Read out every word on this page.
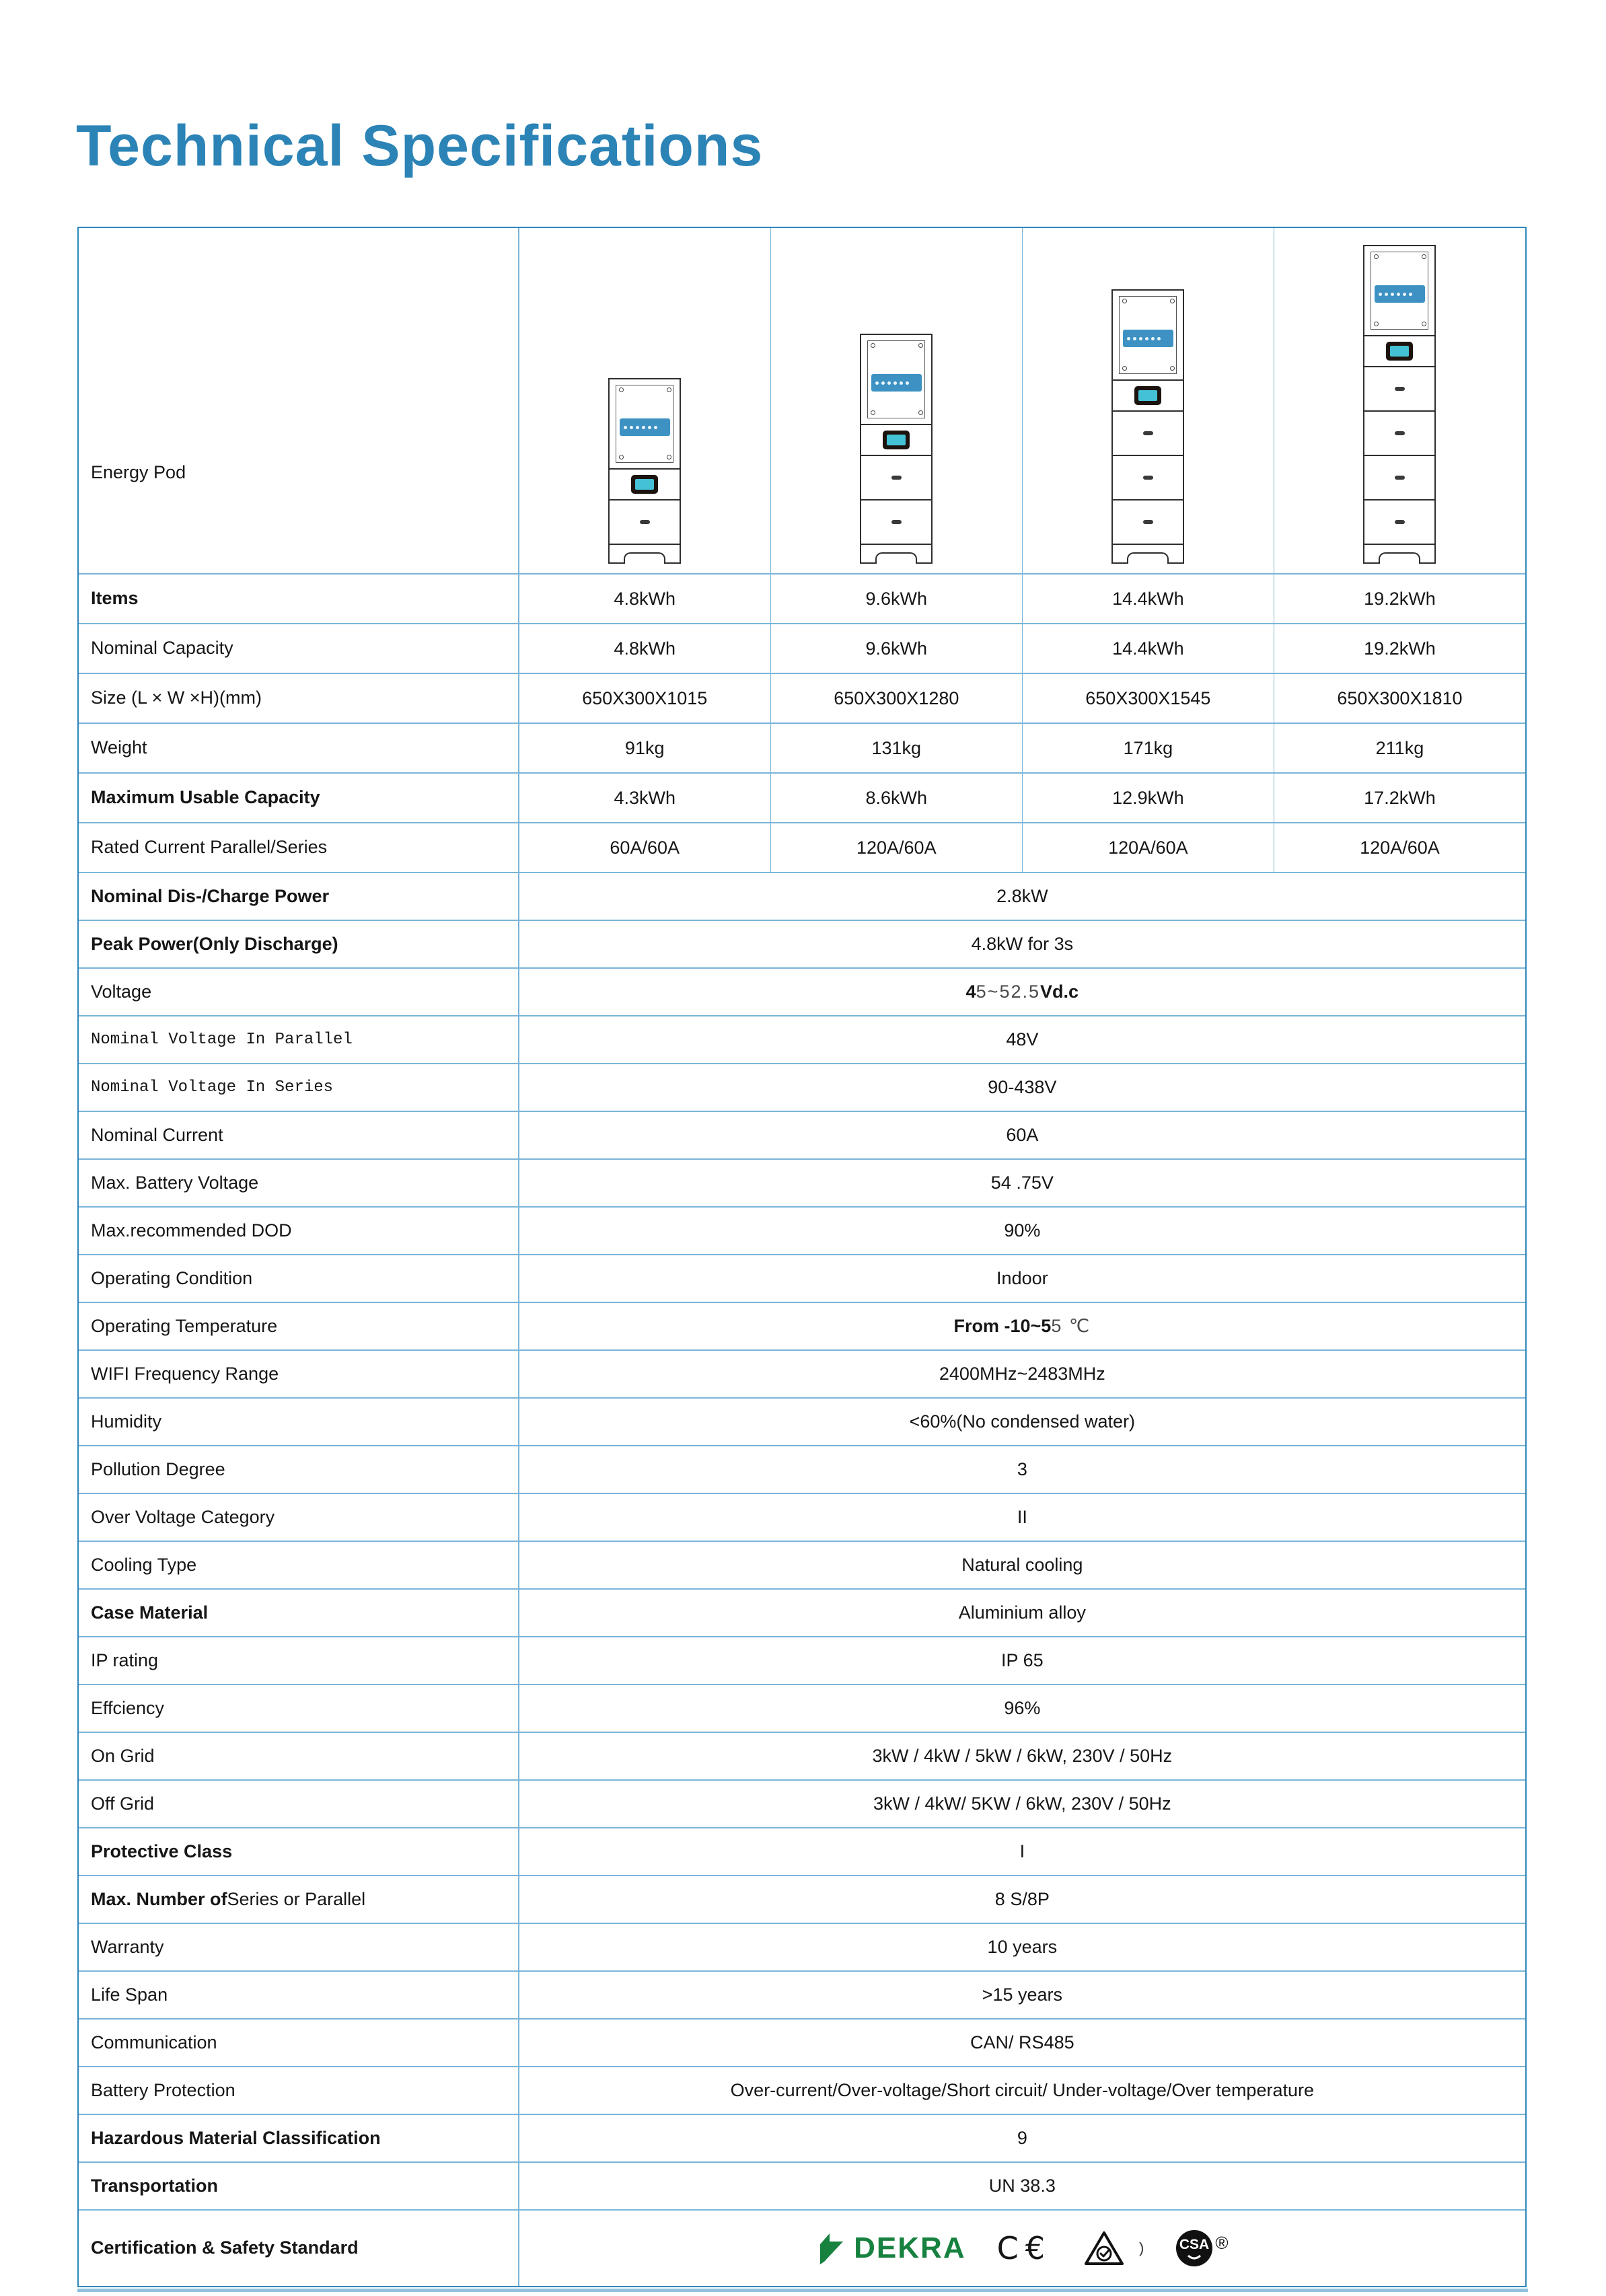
Technical Specifications
Energy Pod
Items	4.8kWh	9.6kWh	14.4kWh	19.2kWh
Nominal Capacity	4.8kWh	9.6kWh	14.4kWh	19.2kWh
Size (L × W ×H)(mm)	650X300X1015	650X300X1280	650X300X1545	650X300X1810
Weight	91kg	131kg	171kg	211kg
Maximum Usable Capacity	4.3kWh	8.6kWh	12.9kWh	17.2kWh
Rated Current Parallel/Series	60A/60A	120A/60A	120A/60A	120A/60A
Nominal Dis-/Charge Power	2.8kW
Peak Power(Only Discharge)	4.8kW for 3s
Voltage	4 5~52.5 Vd.c
Nominal Voltage In Parallel	48V
Nominal Voltage In Series	90-438V
Nominal Current	60A
Max. Battery Voltage	54 .75V
Max.recommended DOD	90%
Operating Condition	Indoor
Operating Temperature	From -10~5 5 ℃
WIFI Frequency Range	2400MHz~2483MHz
Humidity	<60%(No condensed water)
Pollution Degree	3
Over Voltage Category	II
Cooling Type	Natural cooling
Case Material	Aluminium alloy
IP rating	IP 65
Effciency	96%
On Grid	3kW / 4kW / 5kW / 6kW, 230V / 50Hz
Off Grid	3kW / 4kW/ 5KW / 6kW, 230V / 50Hz
Protective Class	I
Max. Number of Series or Parallel	8 S/8P
Warranty	10 years
Life Span	>15 years
Communication	CAN/ RS485
Battery Protection	Over-current/Over-voltage/Short circuit/ Under-voltage/Over temperature
Hazardous Material Classification	9
Transportation	UN 38.3
Certification & Safety Standard	DEKRA C€	)	CSA ®
